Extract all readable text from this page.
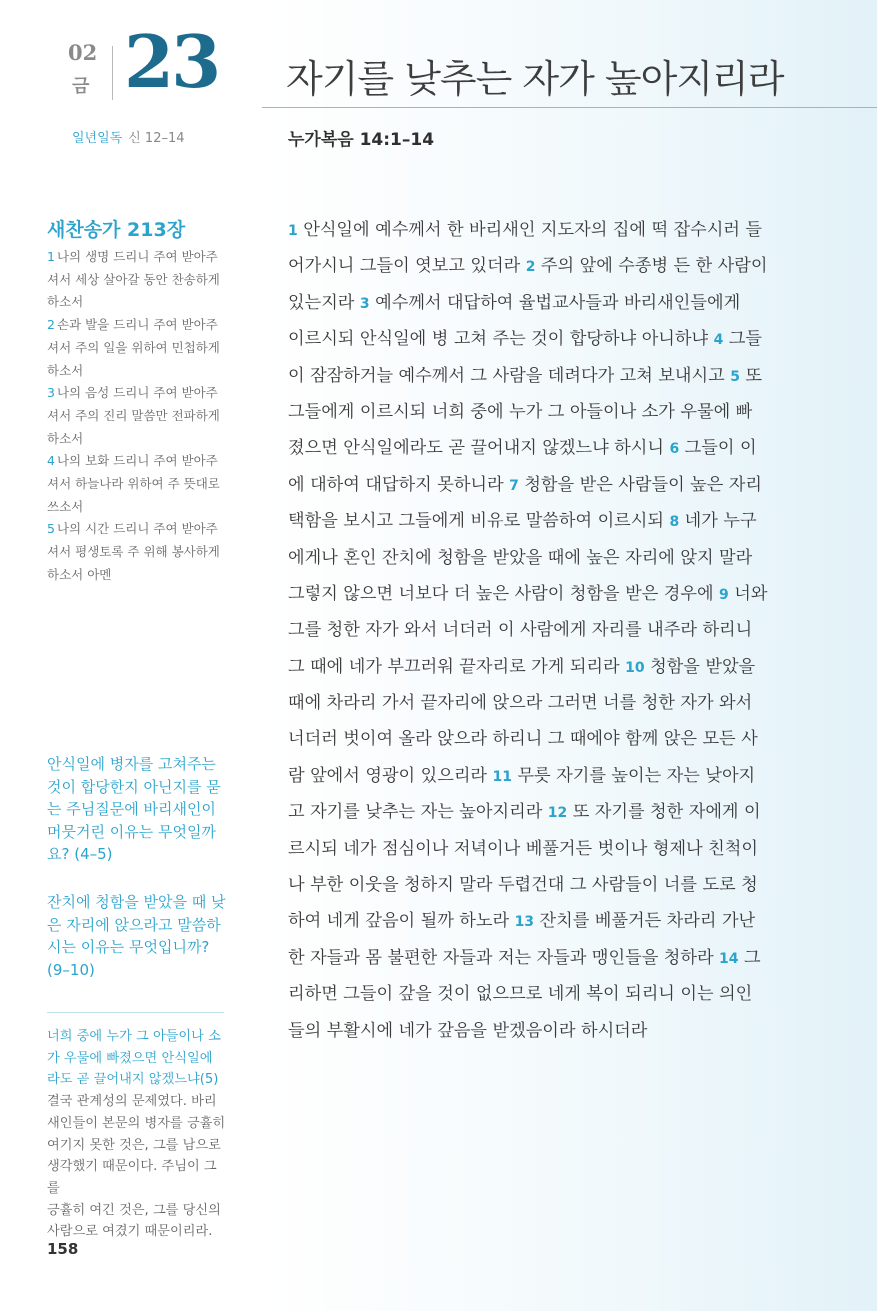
02
금 23 자기를 낮추는 자가 높아지리라
일년일독 신 12–14	누가복음 14:1–14
새찬송가 213장

1 나의 생명 드리니 주여 받아주

셔서 세상 살아갈 동안 찬송하게

하소서

2 손과 발을 드리니 주여 받아주

셔서 주의 일을 위하여 민첩하게

하소서

3 나의 음성 드리니 주여 받아주

셔서 주의 진리 말씀만 전파하게

하소서

4 나의 보화 드리니 주여 받아주

셔서 하늘나라 위하여 주 뜻대로

쓰소서

5 나의 시간 드리니 주여 받아주

셔서 평생토록 주 위해 봉사하게

하소서 아멘

안식일에 병자를 고쳐주는
것이 합당한지 아닌지를 묻
는 주님질문에 바리새인이
머뭇거린 이유는 무엇일까
요? (4–5)
잔치에 청함을 받았을 때 낮
은 자리에 앉으라고 말씀하
시는 이유는 무엇입니까?
(9–10)
너희 중에 누가 그 아들이나 소
가 우물에 빠졌으면 안식일에
라도 곧 끌어내지 않겠느냐(5)
결국 관계성의 문제였다. 바리
새인들이 본문의 병자를 긍휼히
여기지 못한 것은, 그를 남으로
생각했기 때문이다. 주님이 그를
긍휼히 여긴 것은, 그를 당신의
사람으로 여겼기 때문이리라.
158

1 안식일에 예수께서 한 바리새인 지도자의 집에 떡 잡수시러 들

어가시니 그들이 엿보고 있더라 2 주의 앞에 수종병 든 한 사람이

있는지라 3 예수께서 대답하여 율법교사들과 바리새인들에게

이르시되 안식일에 병 고쳐 주는 것이 합당하냐 아니하냐 4 그들

이 잠잠하거늘 예수께서 그 사람을 데려다가 고쳐 보내시고 5 또

그들에게 이르시되 너희 중에 누가 그 아들이나 소가 우물에 빠

졌으면 안식일에라도 곧 끌어내지 않겠느냐 하시니 6 그들이 이

에 대하여 대답하지 못하니라 7 청함을 받은 사람들이 높은 자리

택함을 보시고 그들에게 비유로 말씀하여 이르시되 8 네가 누구

에게나 혼인 잔치에 청함을 받았을 때에 높은 자리에 앉지 말라

그렇지 않으면 너보다 더 높은 사람이 청함을 받은 경우에 9 너와

그를 청한 자가 와서 너더러 이 사람에게 자리를 내주라 하리니

그 때에 네가 부끄러워 끝자리로 가게 되리라 10 청함을 받았을

때에 차라리 가서 끝자리에 앉으라 그러면 너를 청한 자가 와서

너더러 벗이여 올라 앉으라 하리니 그 때에야 함께 앉은 모든 사

람 앞에서 영광이 있으리라 11 무릇 자기를 높이는 자는 낮아지

고 자기를 낮추는 자는 높아지리라 12 또 자기를 청한 자에게 이

르시되 네가 점심이나 저녁이나 베풀거든 벗이나 형제나 친척이

나 부한 이웃을 청하지 말라 두렵건대 그 사람들이 너를 도로 청

하여 네게 갚음이 될까 하노라 13 잔치를 베풀거든 차라리 가난

한 자들과 몸 불편한 자들과 저는 자들과 맹인들을 청하라 14 그

리하면 그들이 갚을 것이 없으므로 네게 복이 되리니 이는 의인

들의 부활시에 네가 갚음을 받겠음이라 하시더라
